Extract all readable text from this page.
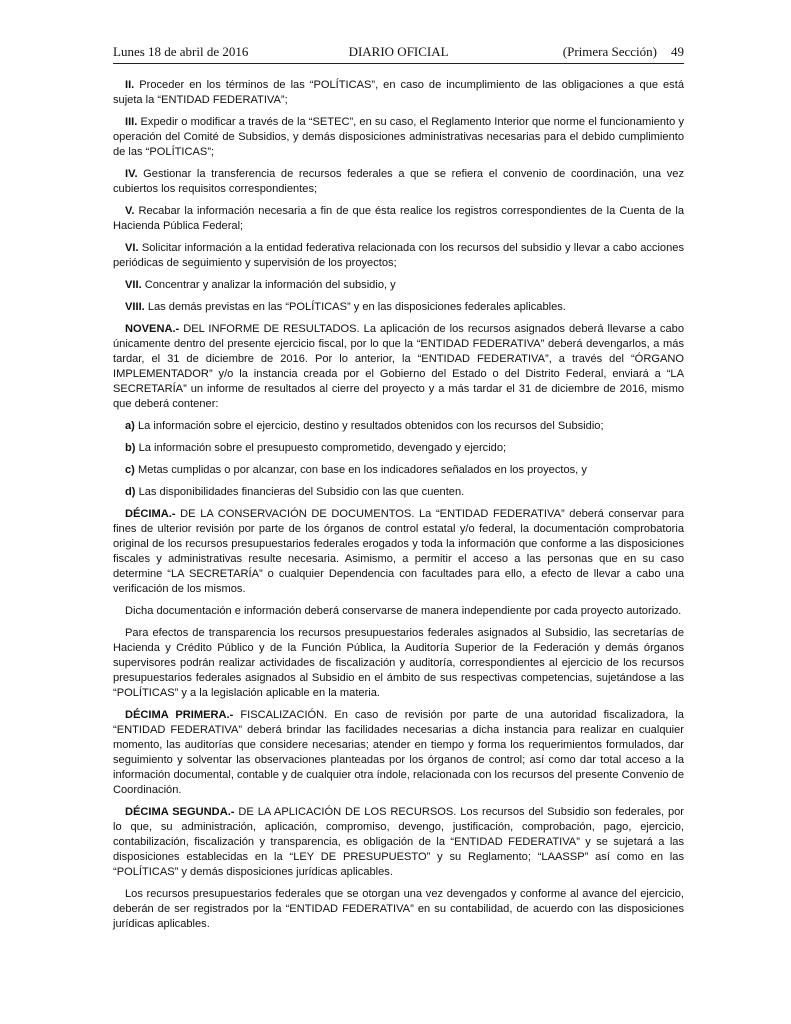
Lunes 18 de abril de 2016	DIARIO OFICIAL	(Primera Sección) 49

II. Proceder en los términos de las “POLÍTICAS”, en caso de incumplimiento de las obligaciones a que está sujeta la “ENTIDAD FEDERATIVA”;

III. Expedir o modificar a través de la “SETEC”, en su caso, el Reglamento Interior que norme el funcionamiento y operación del Comité de Subsidios, y demás disposiciones administrativas necesarias para el debido cumplimiento de las “POLÍTICAS”;

IV. Gestionar la transferencia de recursos federales a que se refiera el convenio de coordinación, una vez cubiertos los requisitos correspondientes;

V. Recabar la información necesaria a fin de que ésta realice los registros correspondientes de la Cuenta de la Hacienda Pública Federal;

VI. Solicitar información a la entidad federativa relacionada con los recursos del subsidio y llevar a cabo acciones periódicas de seguimiento y supervisión de los proyectos;

VII. Concentrar y analizar la información del subsidio, y

VIII. Las demás previstas en las “POLÍTICAS” y en las disposiciones federales aplicables.

NOVENA.- DEL INFORME DE RESULTADOS. La aplicación de los recursos asignados deberá llevarse a cabo únicamente dentro del presente ejercicio fiscal, por lo que la “ENTIDAD FEDERATIVA” deberá devengarlos, a más tardar, el 31 de diciembre de 2016. Por lo anterior, la “ENTIDAD FEDERATIVA”, a través del “ÓRGANO IMPLEMENTADOR” y/o la instancia creada por el Gobierno del Estado o del Distrito Federal, enviará a “LA SECRETARÍA” un informe de resultados al cierre del proyecto y a más tardar el 31 de diciembre de 2016, mismo que deberá contener:

a) La información sobre el ejercicio, destino y resultados obtenidos con los recursos del Subsidio;

b) La información sobre el presupuesto comprometido, devengado y ejercido;

c) Metas cumplidas o por alcanzar, con base en los indicadores señalados en los proyectos, y

d) Las disponibilidades financieras del Subsidio con las que cuenten.

DÉCIMA.- DE LA CONSERVACIÓN DE DOCUMENTOS. La “ENTIDAD FEDERATIVA” deberá conservar para fines de ulterior revisión por parte de los órganos de control estatal y/o federal, la documentación comprobatoria original de los recursos presupuestarios federales erogados y toda la información que conforme a las disposiciones fiscales y administrativas resulte necesaria. Asimismo, a permitir el acceso a las personas que en su caso determine “LA SECRETARÍA” o cualquier Dependencia con facultades para ello, a efecto de llevar a cabo una verificación de los mismos.

Dicha documentación e información deberá conservarse de manera independiente por cada proyecto autorizado.

Para efectos de transparencia los recursos presupuestarios federales asignados al Subsidio, las secretarías de Hacienda y Crédito Público y de la Función Pública, la Auditoría Superior de la Federación y demás órganos supervisores podrán realizar actividades de fiscalización y auditoría, correspondientes al ejercicio de los recursos presupuestarios federales asignados al Subsidio en el ámbito de sus respectivas competencias, sujetándose a las “POLÍTICAS” y a la legislación aplicable en la materia.

DÉCIMA PRIMERA.- FISCALIZACIÓN. En caso de revisión por parte de una autoridad fiscalizadora, la “ENTIDAD FEDERATIVA” deberá brindar las facilidades necesarias a dicha instancia para realizar en cualquier momento, las auditorías que considere necesarias; atender en tiempo y forma los requerimientos formulados, dar seguimiento y solventar las observaciones planteadas por los órganos de control; así como dar total acceso a la información documental, contable y de cualquier otra índole, relacionada con los recursos del presente Convenio de Coordinación.

DÉCIMA SEGUNDA.- DE LA APLICACIÓN DE LOS RECURSOS. Los recursos del Subsidio son federales, por lo que, su administración, aplicación, compromiso, devengo, justificación, comprobación, pago, ejercicio, contabilización, fiscalización y transparencia, es obligación de la “ENTIDAD FEDERATIVA” y se sujetará a las disposiciones establecidas en la “LEY DE PRESUPUESTO” y su Reglamento; “LAASSP” así como en las “POLÍTICAS” y demás disposiciones jurídicas aplicables.

Los recursos presupuestarios federales que se otorgan una vez devengados y conforme al avance del ejercicio, deberán de ser registrados por la “ENTIDAD FEDERATIVA” en su contabilidad, de acuerdo con las disposiciones jurídicas aplicables.
